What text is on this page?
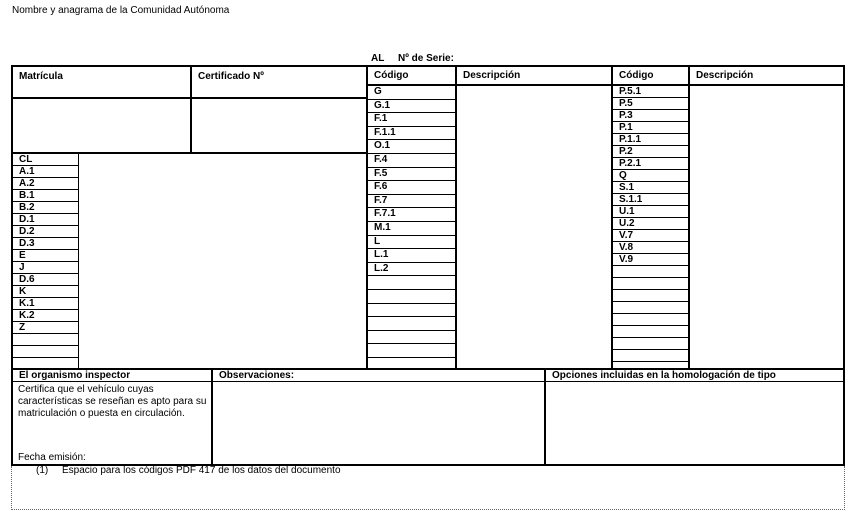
Nombre y anagrama de la Comunidad Autónoma
AL Nº de Serie:
Matrícula	Certificado Nº
CL
A.1
A.2
B.1
B.2
D.1
D.2
D.3
E
J
D.6
K
K.1
K.2
Z
Código	Descripción	Código	Descripción
G
G.1
F.1
F.1.1
O.1
F.4
F.5
F.6
F.7
F.7.1
M.1
L
L.1
L.2
P.5.1
P.5
P.3
P.1
P.1.1
P.2
P.2.1
Q
S.1
S.1.1
U.1
U.2
V.7
V.8
V.9
El organismo inspector	Observaciones:	Opciones incluidas en la homologación de tipo
Certifica que el vehículo cuyas características se reseñan es apto para su matriculación o puesta en circulación.
Fecha emisión:
(1) Espacio para los códigos PDF 417 de los datos del documento
